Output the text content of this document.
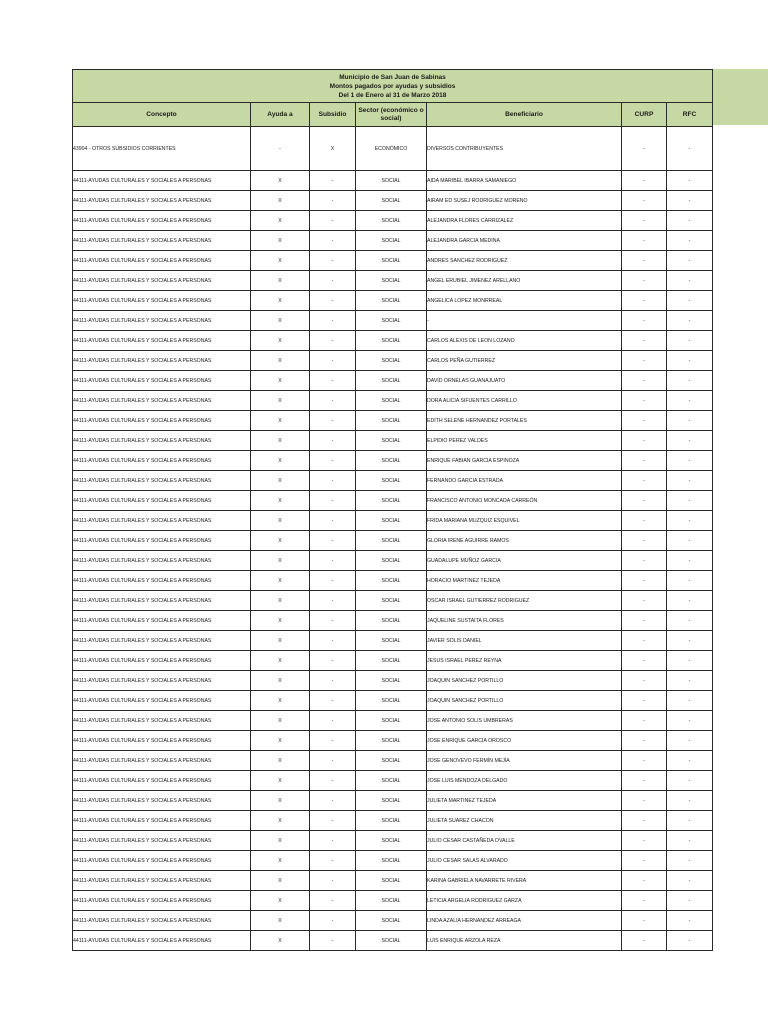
Municipio de San Juan de Sabinas
Montos pagados por ayudas y subsidios
Del 1 de Enero al 31 de Marzo 2018						

Concepto	Ayuda a	Subsidio	Sector (económico o social)	Beneficiario	CURP	RFC
43904 - OTROS SUBSIDIOS CORRIENTES	-	X	ECONÓMICO	DIVERSOS CONTRIBUYENTES	-	-
44111-AYUDAS CULTURALES Y SOCIALES A PERSONAS	X	-	SOCIAL	AIDA MARIBEL IBARRA SAMANIEGO	-	-
44111-AYUDAS CULTURALES Y SOCIALES A PERSONAS	X	-	SOCIAL	AIRAM ED SUSEJ RODRIGUEZ MORENO	-	-
44111-AYUDAS CULTURALES Y SOCIALES A PERSONAS	X	-	SOCIAL	ALEJANDRA FLORES CARRIZALEZ	-	-
44111-AYUDAS CULTURALES Y SOCIALES A PERSONAS	X	-	SOCIAL	ALEJANDRA GARCIA MEDINA	-	-
44111-AYUDAS CULTURALES Y SOCIALES A PERSONAS	X	-	SOCIAL	ANDRES SANCHEZ RODRIGUEZ	-	-
44111-AYUDAS CULTURALES Y SOCIALES A PERSONAS	X	-	SOCIAL	ANGEL ERUBIEL JIMENEZ ARELLANO	-	-
44111-AYUDAS CULTURALES Y SOCIALES A PERSONAS	X	-	SOCIAL	ANGELICA LOPEZ MONRREAL	-	-
44111-AYUDAS CULTURALES Y SOCIALES A PERSONAS	X	-	SOCIAL	-	-	-
44111-AYUDAS CULTURALES Y SOCIALES A PERSONAS	X	-	SOCIAL	CARLOS ALEXIS DE LEON LOZANO	-	-
44111-AYUDAS CULTURALES Y SOCIALES A PERSONAS	X	-	SOCIAL	CARLOS PEÑA GUTIERREZ	-	-
44111-AYUDAS CULTURALES Y SOCIALES A PERSONAS	X	-	SOCIAL	DAVID ORNELAS GUANAJUATO	-	-
44111-AYUDAS CULTURALES Y SOCIALES A PERSONAS	X	-	SOCIAL	DORA ALICIA SIFUENTES CARRILLO	-	-
44111-AYUDAS CULTURALES Y SOCIALES A PERSONAS	X	-	SOCIAL	EDITH SELENE HERNANDEZ PORTALES	-	-
44111-AYUDAS CULTURALES Y SOCIALES A PERSONAS	X	-	SOCIAL	ELPIDIO PEREZ VALDES	-	-
44111-AYUDAS CULTURALES Y SOCIALES A PERSONAS	X	-	SOCIAL	ENRIQUE FABIAN GARCIA ESPINOZA	-	-
44111-AYUDAS CULTURALES Y SOCIALES A PERSONAS	X	-	SOCIAL	FERNANDO GARCIA ESTRADA	-	-
44111-AYUDAS CULTURALES Y SOCIALES A PERSONAS	X	-	SOCIAL	FRANCISCO ANTONIO MONCADA CARREÓN	-	-
44111-AYUDAS CULTURALES Y SOCIALES A PERSONAS	X	-	SOCIAL	FRIDA MARIANA MUZQUIZ ESQUIVEL	-	-
44111-AYUDAS CULTURALES Y SOCIALES A PERSONAS	X	-	SOCIAL	GLORIA IRENE AGUIRRE RAMOS	-	-
44111-AYUDAS CULTURALES Y SOCIALES A PERSONAS	X	-	SOCIAL	GUADALUPE MUÑOZ GARCIA	-	-
44111-AYUDAS CULTURALES Y SOCIALES A PERSONAS	X	-	SOCIAL	HORACIO MARTINEZ TEJEDA	-	-
44111-AYUDAS CULTURALES Y SOCIALES A PERSONAS	X	-	SOCIAL	OSCAR ISRAEL GUTIERREZ RODRIGUEZ	-	-
44111-AYUDAS CULTURALES Y SOCIALES A PERSONAS	X	-	SOCIAL	JAQUELINE SUSTAITA FLORES	-	-
44111-AYUDAS CULTURALES Y SOCIALES A PERSONAS	X	-	SOCIAL	JAVIER SOLIS DANIEL	-	-
44111-AYUDAS CULTURALES Y SOCIALES A PERSONAS	X	-	SOCIAL	JESUS ISRAEL PEREZ REYNA	-	-
44111-AYUDAS CULTURALES Y SOCIALES A PERSONAS	X	-	SOCIAL	JOAQUIN SANCHEZ PORTILLO	-	-
44111-AYUDAS CULTURALES Y SOCIALES A PERSONAS	X	-	SOCIAL	JOAQUIN SANCHEZ PORTILLO	-	-
44111-AYUDAS CULTURALES Y SOCIALES A PERSONAS	X	-	SOCIAL	JOSE ANTONIO SOLIS UMBRERAS	-	-
44111-AYUDAS CULTURALES Y SOCIALES A PERSONAS	X	-	SOCIAL	JOSE ENRIQUE GARCIA OROSCO	-	-
44111-AYUDAS CULTURALES Y SOCIALES A PERSONAS	X	-	SOCIAL	JOSE GENOVEVO FERMÍN MEJÍA	-	-
44111-AYUDAS CULTURALES Y SOCIALES A PERSONAS	X	-	SOCIAL	JOSE LUIS MENDOZA DELGADO	-	-
44111-AYUDAS CULTURALES Y SOCIALES A PERSONAS	X	-	SOCIAL	JULIETA MARTINEZ TEJEDA	-	-
44111-AYUDAS CULTURALES Y SOCIALES A PERSONAS	X	-	SOCIAL	JULIETA SUAREZ CHACON	-	-
44111-AYUDAS CULTURALES Y SOCIALES A PERSONAS	X	-	SOCIAL	JULIO CESAR CASTAÑEDA OVALLE	-	-
44111-AYUDAS CULTURALES Y SOCIALES A PERSONAS	X	-	SOCIAL	JULIO CESAR SALAS ALVARADO	-	-
44111-AYUDAS CULTURALES Y SOCIALES A PERSONAS	X	-	SOCIAL	KARINA GABRIELA NAVARRETE RIVERA	-	-
44111-AYUDAS CULTURALES Y SOCIALES A PERSONAS	X	-	SOCIAL	LETICIA ARGELIA RODRIGUEZ GARZA	-	-
44111-AYUDAS CULTURALES Y SOCIALES A PERSONAS	X	-	SOCIAL	LINDA AZALIA HERNANDEZ ARREAGA	-	-
44111-AYUDAS CULTURALES Y SOCIALES A PERSONAS	X	-	SOCIAL	LUIS ENRIQUE ARZOLA REZA	-	-
